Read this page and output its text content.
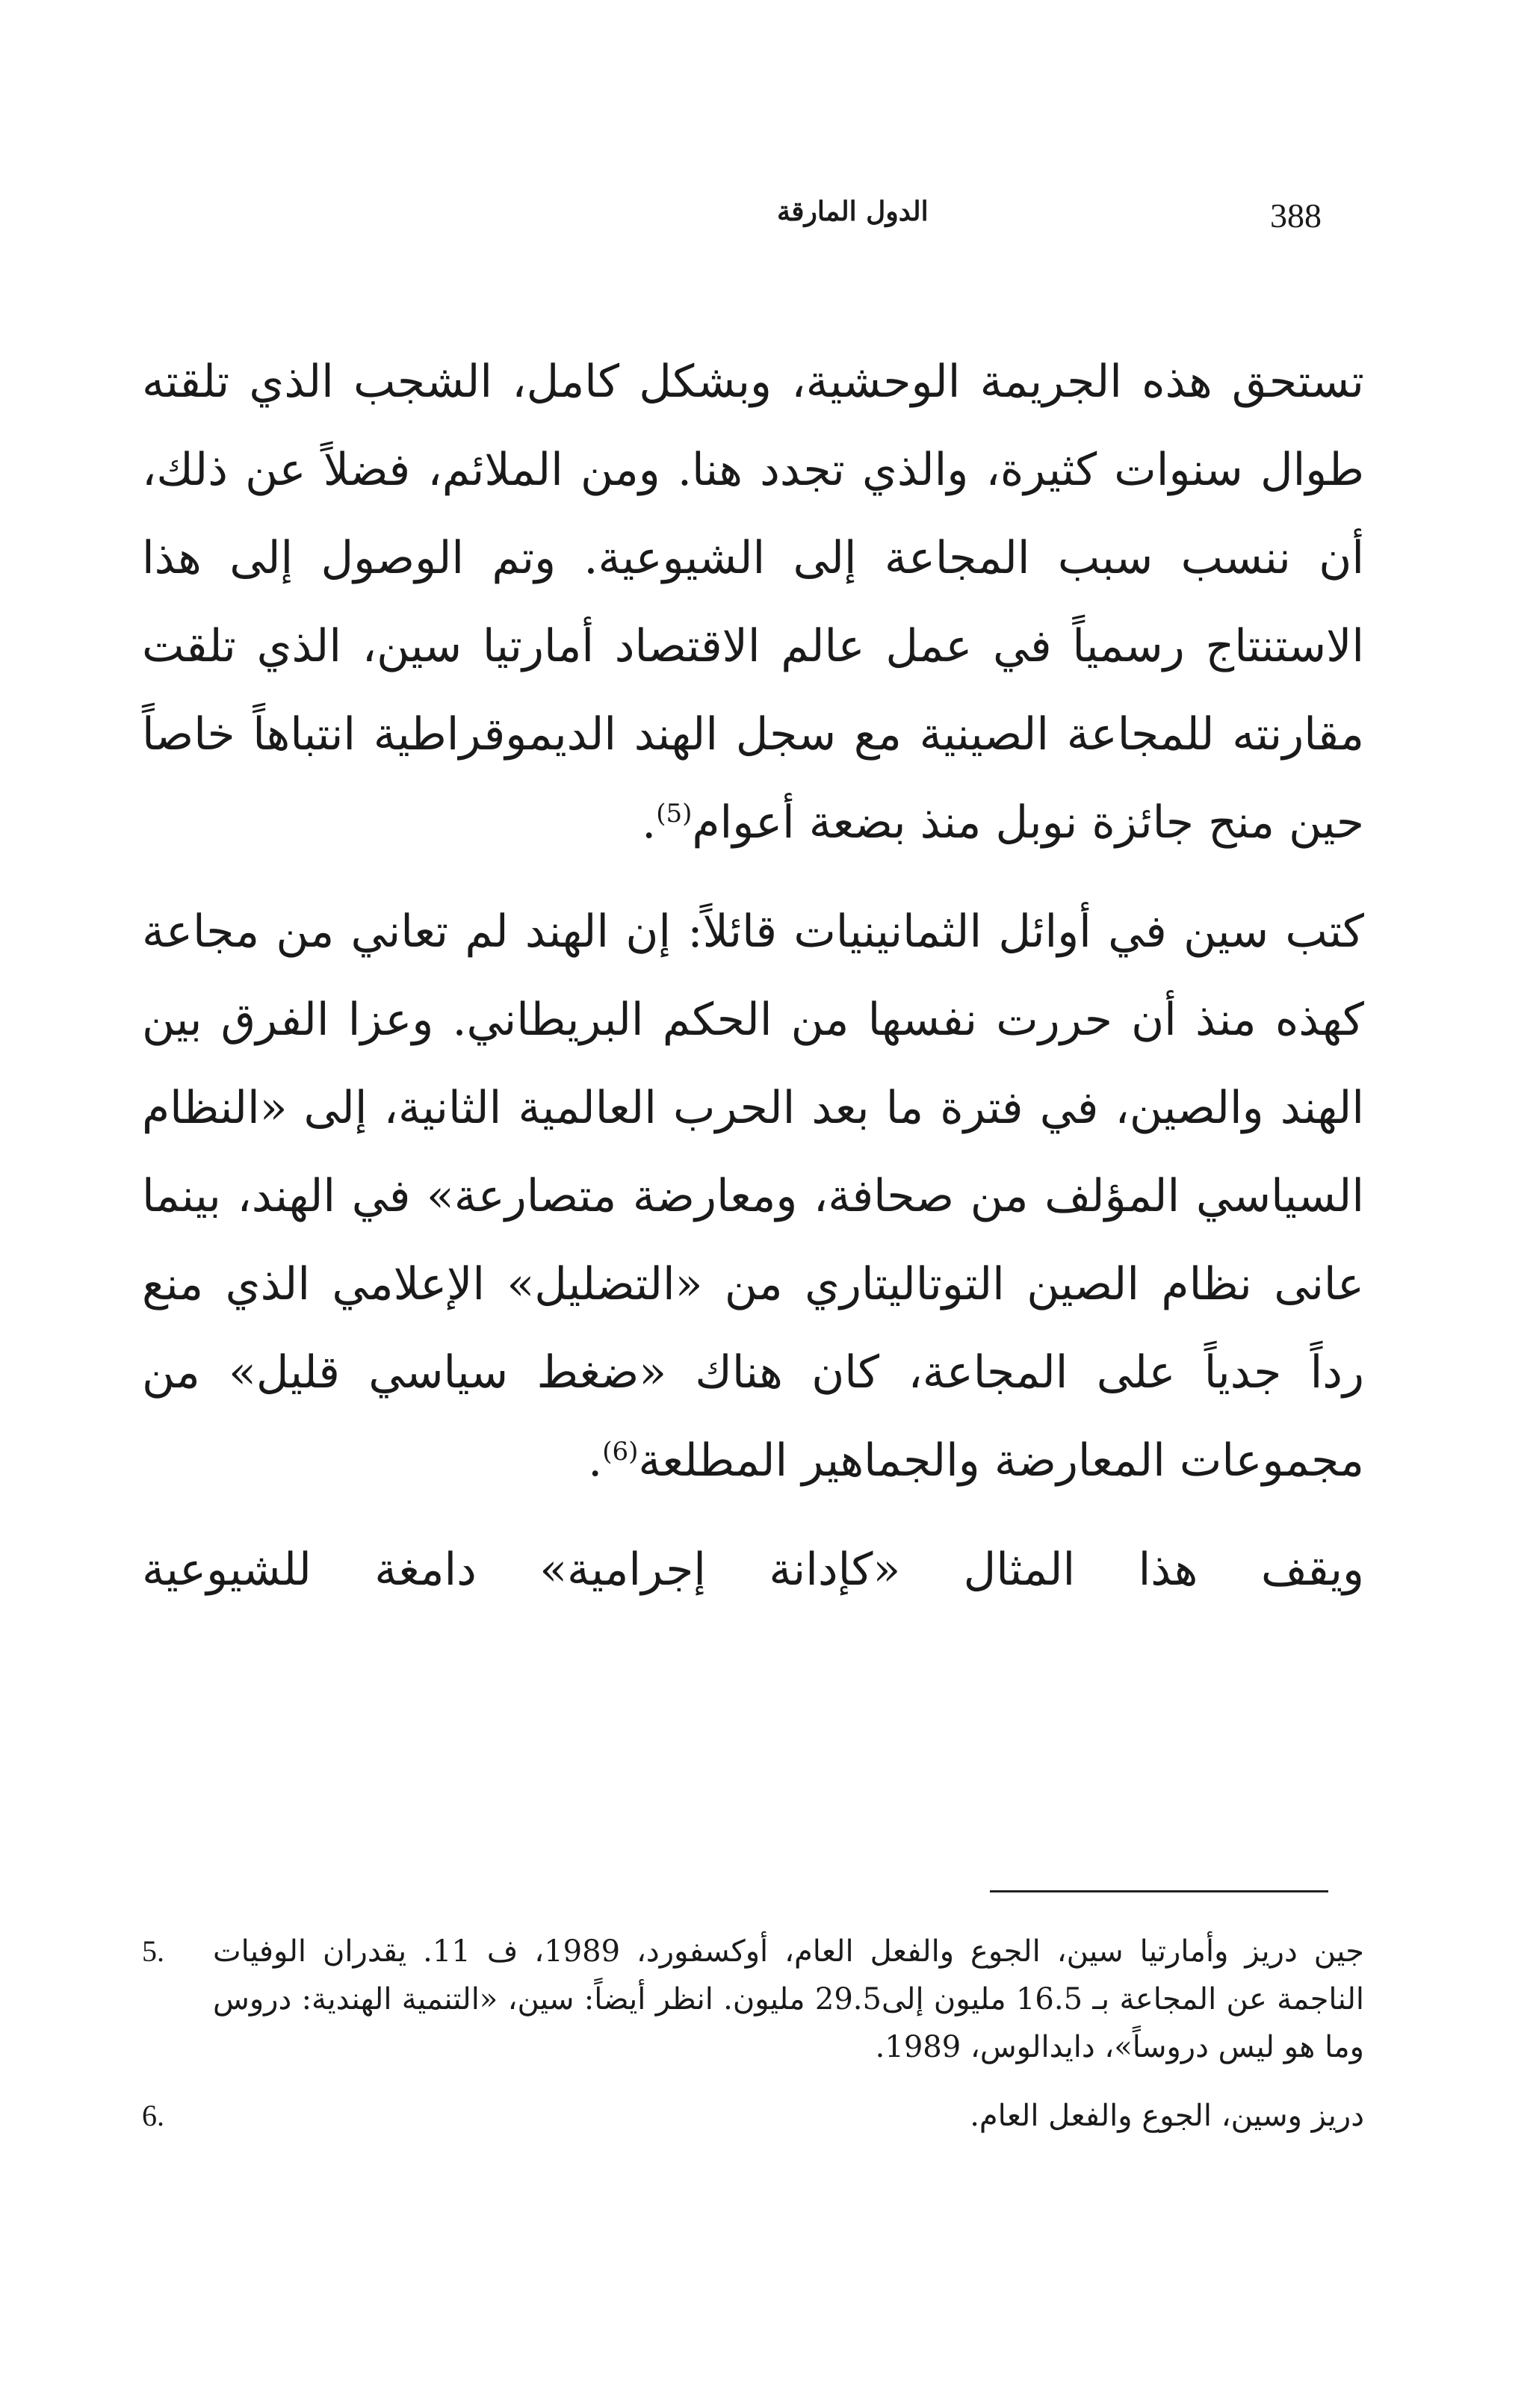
388
الدول المارقة

تستحق هذه الجريمة الوحشية، وبشكل كامل، الشجب الذي تلقته طوال سنوات كثيرة، والذي تجدد هنا. ومن الملائم، فضلاً عن ذلك، أن ننسب سبب المجاعة إلى الشيوعية. وتم الوصول إلى هذا الاستنتاج رسمياً في عمل عالم الاقتصاد أمارتيا سين، الذي تلقت مقارنته للمجاعة الصينية مع سجل الهند الديموقراطية انتباهاً خاصاً حين منح جائزة نوبل منذ بضعة أعوام$^{(5)}$.

كتب سين في أوائل الثمانينيات قائلاً: إن الهند لم تعاني من مجاعة كهذه منذ أن حررت نفسها من الحكم البريطاني. وعزا الفرق بين الهند والصين، في فترة ما بعد الحرب العالمية الثانية، إلى «النظام السياسي المؤلف من صحافة، ومعارضة متصارعة» في الهند، بينما عانى نظام الصين التوتاليتاري من «التضليل» الإعلامي الذي منع رداً جدياً على المجاعة، كان هناك «ضغط سياسي قليل» من مجموعات المعارضة والجماهير المطلعة$^{(6)}$.

ويقف هذا المثال «كإدانة إجرامية» دامغة للشيوعية

جين دريز وأمارتيا سين، الجوع والفعل العام، أوكسفورد، 1989، ف 11. يقدران الوفيات الناجمة عن المجاعة بـ 16.5 مليون إلى29.5 مليون. انظر أيضاً: سين، «التنمية الهندية: دروس وما هو ليس دروساً»، دايدالوس، 1989.
5.
دريز وسين، الجوع والفعل العام.
6.
